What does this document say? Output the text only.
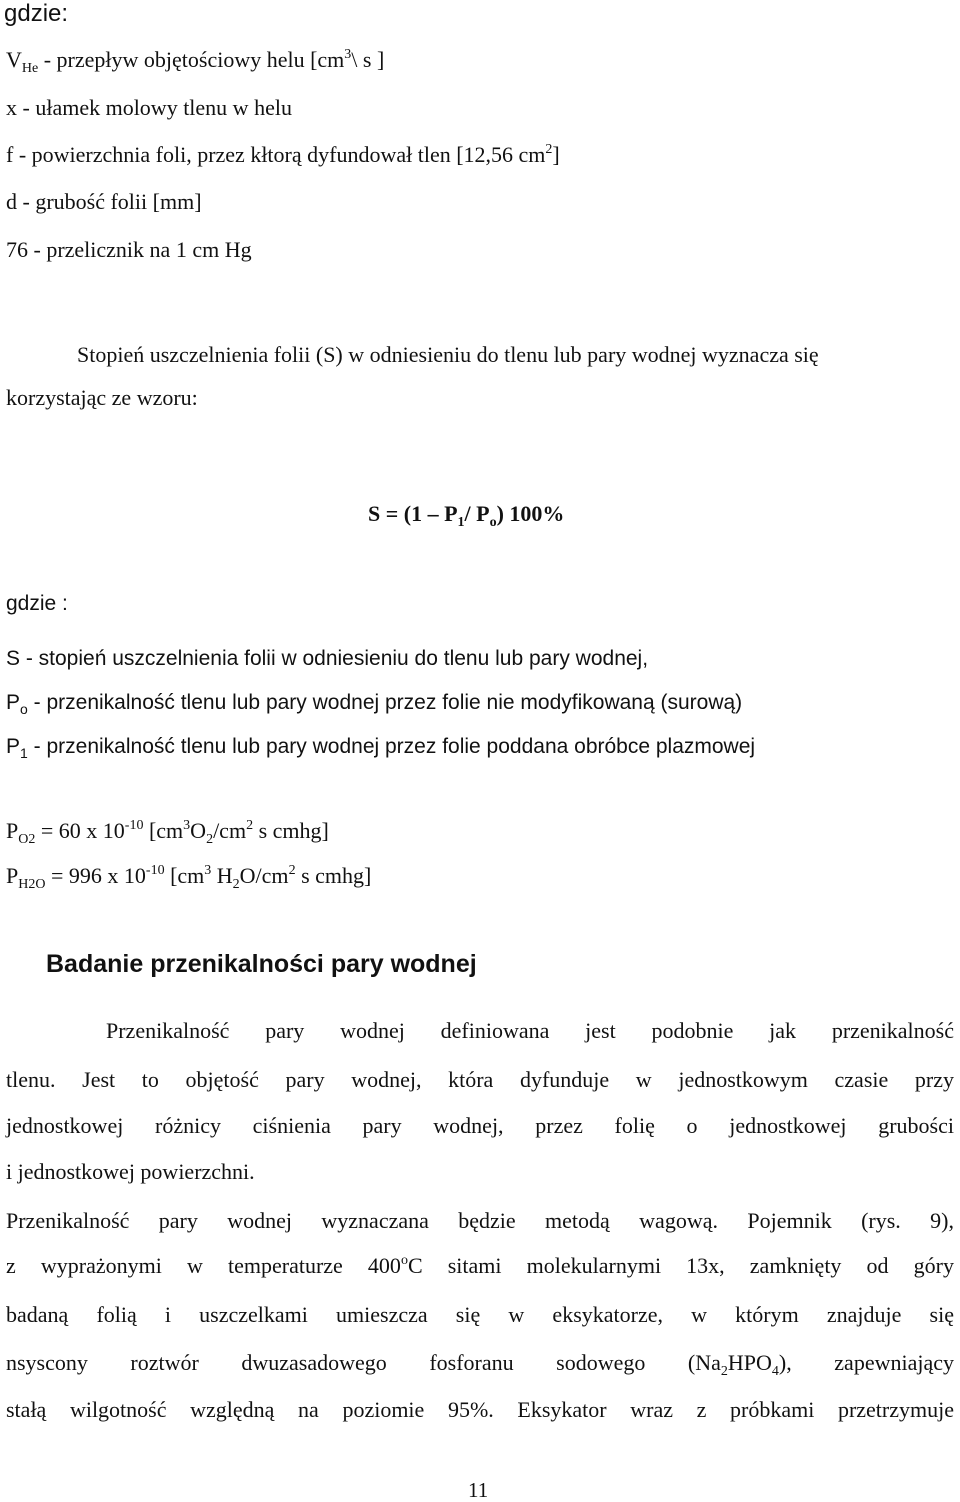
gdzie:
$V_{He}$ - przepływ objętościowy helu [$cm^3\backslash$ s ]
x - ułamek molowy tlenu w helu
f - powierzchnia foli, przez kłtorą dyfundował tlen [12,56 $cm^2$]
d - grubość folii [mm]
76 - przelicznik na 1 cm Hg
Stopień uszczelnienia folii (S) w odniesieniu do tlenu lub pary wodnej wyznacza się
korzystając ze wzoru:
$S = (1 - P_1/$ $P_o$) 100%
gdzie :
S - stopień uszczelnienia folii w odniesieniu do tlenu lub pary wodnej,
$P_o$ - przenikalność tlenu lub pary wodnej przez folie nie modyfikowaną (surową)
$P_1$ - przenikalność tlenu lub pary wodnej przez folie poddana obróbce plazmowej
$P_{O2} = 60$ x $10^{-10}$ [$cm^3O_2/cm^2$ s cmhg]
$P_{H2O} = 996$ x $10^{-10}$ [$cm^3$ $H_2O/cm^2$ s cmhg]
Badanie przenikalności pary wodnej
Przenikalność pary wodnej definiowana jest podobnie jak przenikalność
tlenu. Jest to objętość pary wodnej, która dyfunduje w jednostkowym czasie przy
jednostkowej różnicy ciśnienia pary wodnej, przez folię o jednostkowej grubości
i jednostkowej powierzchni.
Przenikalność pary wodnej wyznaczana będzie metodą wagową. Pojemnik (rys. 9),
z wyprażonymi w temperaturze 400$^o$C sitami molekularnymi 13x, zamknięty od góry
badaną folią i uszczelkami umieszcza się w eksykatorze, w którym znajduje się
nsyscony roztwór dwuzasadowego fosforanu sodowego $(Na_2HPO_4)$, zapewniający
stałą wilgotność względną na poziomie 95%. Eksykator wraz z próbkami przetrzymuje
11
